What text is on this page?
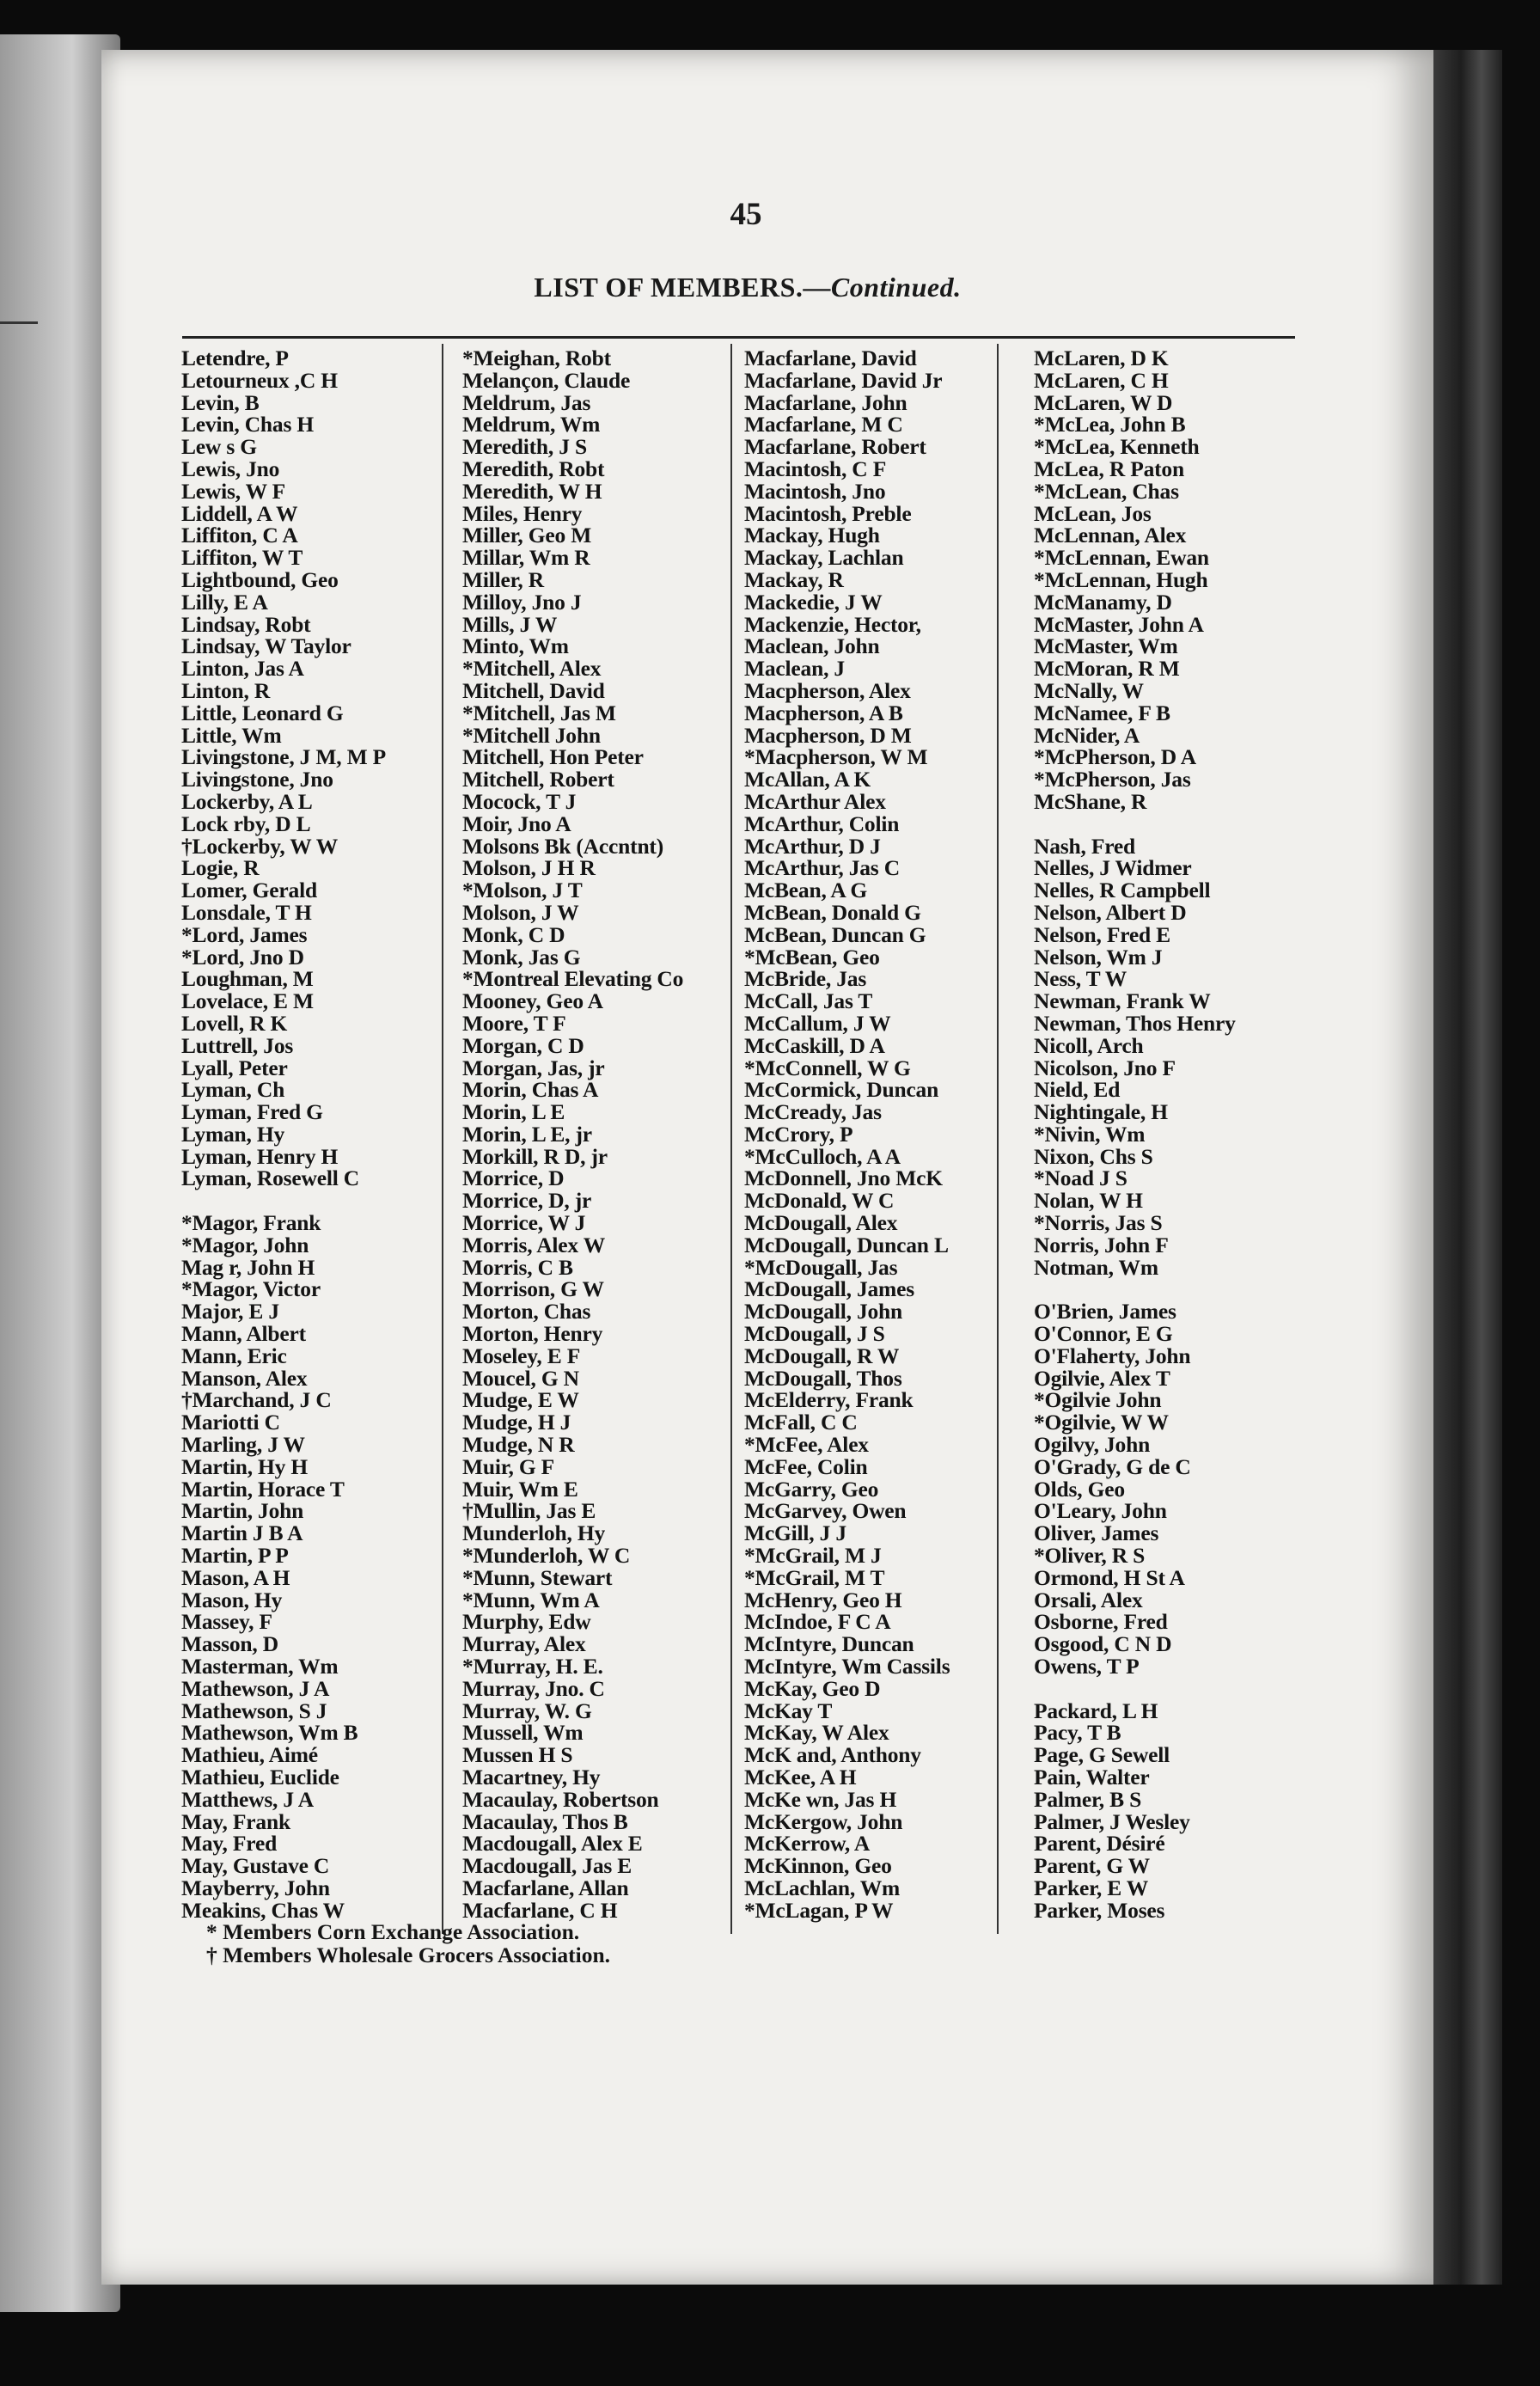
45
LIST OF MEMBERS.—Continued.
Letendre, P
Letourneux ,C H
Levin, B
Levin, Chas H
Lew s G
Lewis, Jno
Lewis, W F
Liddell, A W
Liffiton, C A
Liffiton, W T
Lightbound, Geo
Lilly, E A
Lindsay, Robt
Lindsay, W Taylor
Linton, Jas A
Linton, R
Little, Leonard G
Little, Wm
Livingstone, J M, M P
Livingstone, Jno
Lockerby, A L
Lock rby, D L
†Lockerby, W W
Logie, R
Lomer, Gerald
Lonsdale, T H
*Lord, James
*Lord, Jno D
Loughman, M
Lovelace, E M
Lovell, R K
Luttrell, Jos
Lyall, Peter
Lyman, Ch
Lyman, Fred G
Lyman, Hy
Lyman, Henry H
Lyman, Rosewell C
*Magor, Frank
*Magor, John
Mag r, John H
*Magor, Victor
Major, E J
Mann, Albert
Mann, Eric
Manson, Alex
†Marchand, J C
Mariotti C
Marling, J W
Martin, Hy H
Martin, Horace T
Martin, John
Martin J B A
Martin, P P
Mason, A H
Mason, Hy
Massey, F
Masson, D
Masterman, Wm
Mathewson, J A
Mathewson, S J
Mathewson, Wm B
Mathieu, Aimé
Mathieu, Euclide
Matthews, J A
May, Frank
May, Fred
May, Gustave C
Mayberry, John
Meakins, Chas W
*Meighan, Robt
Melançon, Claude
Meldrum, Jas
Meldrum, Wm
Meredith, J S
Meredith, Robt
Meredith, W H
Miles, Henry
Miller, Geo M
Millar, Wm R
Miller, R
Milloy, Jno J
Mills, J W
Minto, Wm
*Mitchell, Alex
Mitchell, David
*Mitchell, Jas M
*Mitchell John
Mitchell, Hon Peter
Mitchell, Robert
Mocock, T J
Moir, Jno A
Molsons Bk (Accntnt)
Molson, J H R
*Molson, J T
Molson, J W
Monk, C D
Monk, Jas G
*Montreal Elevating Co
Mooney, Geo A
Moore, T F
Morgan, C D
Morgan, Jas, jr
Morin, Chas A
Morin, L E
Morin, L E, jr
Morkill, R D, jr
Morrice, D
Morrice, D, jr
Morrice, W J
Morris, Alex W
Morris, C B
Morrison, G W
Morton, Chas
Morton, Henry
Moseley, E F
Moucel, G N
Mudge, E W
Mudge, H J
Mudge, N R
Muir, G F
Muir, Wm E
†Mullin, Jas E
Munderloh, Hy
*Munderloh, W C
*Munn, Stewart
*Munn, Wm A
Murphy, Edw
Murray, Alex
*Murray, H. E.
Murray, Jno. C
Murray, W. G
Mussell, Wm
Mussen H S
Macartney, Hy
Macaulay, Robertson
Macaulay, Thos B
Macdougall, Alex E
Macdougall, Jas E
Macfarlane, Allan
Macfarlane, C H
Macfarlane, David
Macfarlane, David Jr
Macfarlane, John
Macfarlane, M C
Macfarlane, Robert
Macintosh, C F
Macintosh, Jno
Macintosh, Preble
Mackay, Hugh
Mackay, Lachlan
Mackay, R
Mackedie, J W
Mackenzie, Hector,
Maclean, John
Maclean, J
Macpherson, Alex
Macpherson, A B
Macpherson, D M
*Macpherson, W M
McAllan, A K
McArthur Alex
McArthur, Colin
McArthur, D J
McArthur, Jas C
McBean, A G
McBean, Donald G
McBean, Duncan G
*McBean, Geo
McBride, Jas
McCall, Jas T
McCallum, J W
McCaskill, D A
*McConnell, W G
McCormick, Duncan
McCready, Jas
McCrory, P
*McCulloch, A A
McDonnell, Jno McK
McDonald, W C
McDougall, Alex
McDougall, Duncan L
*McDougall, Jas
McDougall, James
McDougall, John
McDougall, J S
McDougall, R W
McDougall, Thos
McElderry, Frank
McFall, C C
*McFee, Alex
McFee, Colin
McGarry, Geo
McGarvey, Owen
McGill, J J
*McGrail, M J
*McGrail, M T
McHenry, Geo H
McIndoe, F C A
McIntyre, Duncan
McIntyre, Wm Cassils
McKay, Geo D
McKay T
McKay, W Alex
McK and, Anthony
McKee, A H
McKe wn, Jas H
McKergow, John
McKerrow, A
McKinnon, Geo
McLachlan, Wm
*McLagan, P W
McLaren, D K
McLaren, C H
McLaren, W D
*McLea, John B
*McLea, Kenneth
McLea, R Paton
*McLean, Chas
McLean, Jos
McLennan, Alex
*McLennan, Ewan
*McLennan, Hugh
McManamy, D
McMaster, John A
McMaster, Wm
McMoran, R M
McNally, W
McNamee, F B
McNider, A
*McPherson, D A
*McPherson, Jas
McShane, R
Nash, Fred
Nelles, J Widmer
Nelles, R Campbell
Nelson, Albert D
Nelson, Fred E
Nelson, Wm J
Ness, T W
Newman, Frank W
Newman, Thos Henry
Nicoll, Arch
Nicolson, Jno F
Nield, Ed
Nightingale, H
*Nivin, Wm
Nixon, Chs S
*Noad J S
Nolan, W H
*Norris, Jas S
Norris, John F
Notman, Wm
O'Brien, James
O'Connor, E G
O'Flaherty, John
Ogilvie, Alex T
*Ogilvie John
*Ogilvie, W W
Ogilvy, John
O'Grady, G de C
Olds, Geo
O'Leary, John
Oliver, James
*Oliver, R S
Ormond, H St A
Orsali, Alex
Osborne, Fred
Osgood, C N D
Owens, T P
Packard, L H
Pacy, T B
Page, G Sewell
Pain, Walter
Palmer, B S
Palmer, J Wesley
Parent, Désiré
Parent, G W
Parker, E W
Parker, Moses
* Members Corn Exchange Association.
† Members Wholesale Grocers Association.
